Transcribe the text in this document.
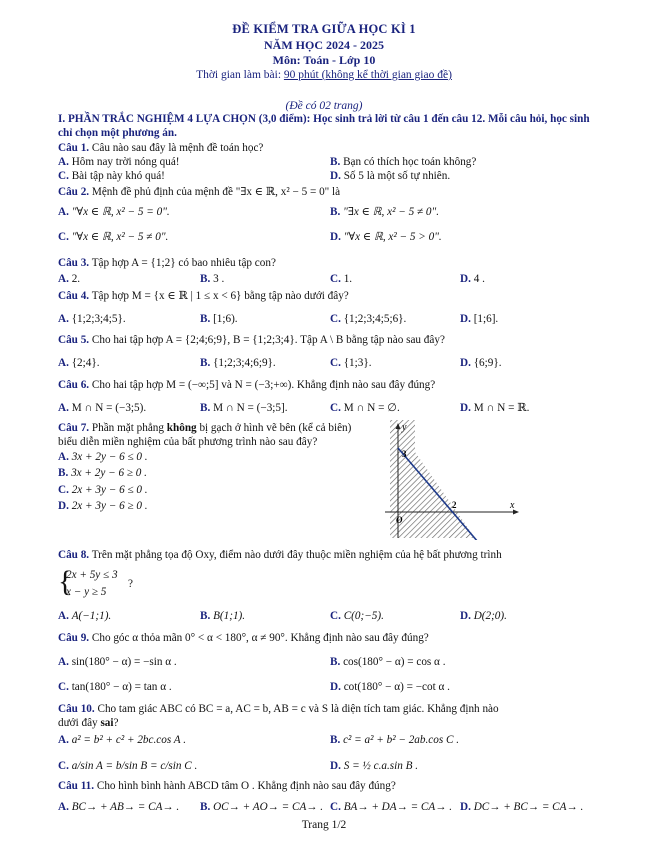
ĐỀ KIỂM TRA GIỮA HỌC KÌ 1
NĂM HỌC 2024 - 2025
Môn: Toán - Lớp 10
Thời gian làm bài: 90 phút (không kể thời gian giao đề)
(Đề có 02 trang)
I. PHẦN TRẮC NGHIỆM 4 LỰA CHỌN (3,0 điểm): Học sinh trả lời từ câu 1 đến câu 12. Mỗi câu hỏi, học sinh chỉ chọn một phương án.
Câu 1. Câu nào sau đây là mệnh đề toán học?
A. Hôm nay trời nóng quá!	B. Bạn có thích học toán không?
C. Bài tập này khó quá!	D. Số 5 là một số tự nhiên.
Câu 2. Mệnh đề phủ định của mệnh đề "∃x ∈ ℝ, x² − 5 = 0" là
A. "∀x ∈ ℝ, x² − 5 = 0".	B. "∃x ∈ ℝ, x² − 5 ≠ 0".
C. "∀x ∈ ℝ, x² − 5 ≠ 0".	D. "∀x ∈ ℝ, x² − 5 > 0".
Câu 3. Tập hợp A = {1;2} có bao nhiêu tập con?
A. 2.	B. 3 .	C. 1.	D. 4 .
Câu 4. Tập hợp M = {x ∈ ℝ | 1 ≤ x < 6} bằng tập nào dưới đây?
A. {1;2;3;4;5}.	B. [1;6).	C. {1;2;3;4;5;6}.	D. [1;6].
Câu 5. Cho hai tập hợp A = {2;4;6;9}, B = {1;2;3;4}. Tập A \ B bằng tập nào sau đây?
A. {2;4}.	B. {1;2;3;4;6;9}.	C. {1;3}.	D. {6;9}.
Câu 6. Cho hai tập hợp M = (−∞;5] và N = (−3;+∞). Khẳng định nào sau đây đúng?
A. M ∩ N = (−3;5).	B. M ∩ N = (−3;5].	C. M ∩ N = ∅.	D. M ∩ N = ℝ.
Câu 7. Phần mặt phẳng không bị gạch ở hình vẽ bên (kể cả biên)
biểu diễn miền nghiệm của bất phương trình nào sau đây?
A. 3x + 2y − 6 ≤ 0 .
B. 3x + 2y − 6 ≥ 0 .
C. 2x + 3y − 6 ≤ 0 .
D. 2x + 3y − 6 ≥ 0 .
y
x
3
2
O
Câu 8. Trên mặt phẳng tọa độ Oxy, điểm nào dưới đây thuộc miền nghiệm của hệ bất phương trình
{
2x + 5y ≤ 3
x − y ≥ 5
?
A. A(−1;1).	B. B(1;1).	C. C(0;−5).	D. D(2;0).
Câu 9. Cho góc α thỏa mãn 0° < α < 180°, α ≠ 90°. Khẳng định nào sau đây đúng?
A. sin(180° − α) = −sin α .	B. cos(180° − α) = cos α .
C. tan(180° − α) = tan α .	D. cot(180° − α) = −cot α .
Câu 10. Cho tam giác ABC có BC = a, AC = b, AB = c và S là diện tích tam giác. Khẳng định nào
dưới đây sai?
A. a² = b² + c² + 2bc.cos A .	B. c² = a² + b² − 2ab.cos C .
C. a/sin A = b/sin B = c/sin C .	D. S = ½ c.a.sin B .
Câu 11. Cho hình bình hành ABCD tâm O . Khẳng định nào sau đây đúng?
A. BC→ + AB→ = CA→ . B. OC→ + AO→ = CA→ . C. BA→ + DA→ = CA→ . D. DC→ + BC→ = CA→ .
Trang 1/2
